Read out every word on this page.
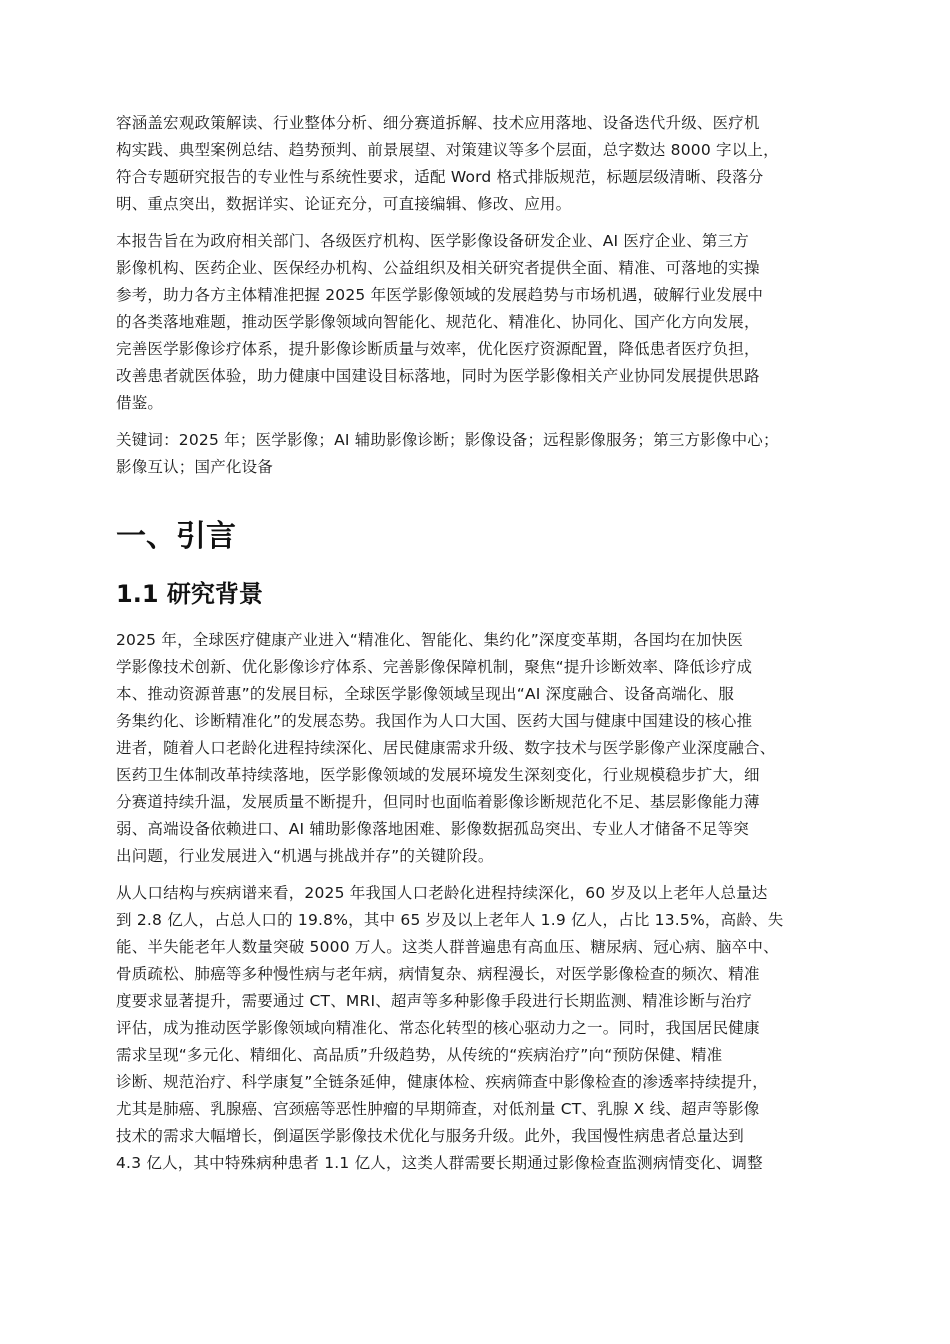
容涵盖宏观政策解读、行业整体分析、细分赛道拆解、技术应用落地、设备迭代升级、医疗机
构实践、典型案例总结、趋势预判、前景展望、对策建议等多个层面，总字数达 8000 字以上，
符合专题研究报告的专业性与系统性要求，适配 Word 格式排版规范，标题层级清晰、段落分
明、重点突出，数据详实、论证充分，可直接编辑、修改、应用。
本报告旨在为政府相关部门、各级医疗机构、医学影像设备研发企业、AI 医疗企业、第三方
影像机构、医药企业、医保经办机构、公益组织及相关研究者提供全面、精准、可落地的实操
参考，助力各方主体精准把握 2025 年医学影像领域的发展趋势与市场机遇，破解行业发展中
的各类落地难题，推动医学影像领域向智能化、规范化、精准化、协同化、国产化方向发展，
完善医学影像诊疗体系，提升影像诊断质量与效率，优化医疗资源配置，降低患者医疗负担，
改善患者就医体验，助力健康中国建设目标落地，同时为医学影像相关产业协同发展提供思路
借鉴。
关键词：2025 年；医学影像；AI 辅助影像诊断；影像设备；远程影像服务；第三方影像中心；
影像互认；国产化设备
一、引言
1.1 研究背景
2025 年，全球医疗健康产业进入“精准化、智能化、集约化”深度变革期，各国均在加快医
学影像技术创新、优化影像诊疗体系、完善影像保障机制，聚焦“提升诊断效率、降低诊疗成
本、推动资源普惠”的发展目标，全球医学影像领域呈现出“AI 深度融合、设备高端化、服
务集约化、诊断精准化”的发展态势。我国作为人口大国、医药大国与健康中国建设的核心推
进者，随着人口老龄化进程持续深化、居民健康需求升级、数字技术与医学影像产业深度融合、
医药卫生体制改革持续落地，医学影像领域的发展环境发生深刻变化，行业规模稳步扩大，细
分赛道持续升温，发展质量不断提升，但同时也面临着影像诊断规范化不足、基层影像能力薄
弱、高端设备依赖进口、AI 辅助影像落地困难、影像数据孤岛突出、专业人才储备不足等突
出问题，行业发展进入“机遇与挑战并存”的关键阶段。
从人口结构与疾病谱来看，2025 年我国人口老龄化进程持续深化，60 岁及以上老年人总量达
到 2.8 亿人，占总人口的 19.8%，其中 65 岁及以上老年人 1.9 亿人，占比 13.5%，高龄、失
能、半失能老年人数量突破 5000 万人。这类人群普遍患有高血压、糖尿病、冠心病、脑卒中、
骨质疏松、肺癌等多种慢性病与老年病，病情复杂、病程漫长，对医学影像检查的频次、精准
度要求显著提升，需要通过 CT、MRI、超声等多种影像手段进行长期监测、精准诊断与治疗
评估，成为推动医学影像领域向精准化、常态化转型的核心驱动力之一。同时，我国居民健康
需求呈现“多元化、精细化、高品质”升级趋势，从传统的“疾病治疗”向“预防保健、精准
诊断、规范治疗、科学康复”全链条延伸，健康体检、疾病筛查中影像检查的渗透率持续提升，
尤其是肺癌、乳腺癌、宫颈癌等恶性肿瘤的早期筛查，对低剂量 CT、乳腺 X 线、超声等影像
技术的需求大幅增长，倒逼医学影像技术优化与服务升级。此外，我国慢性病患者总量达到
4.3 亿人，其中特殊病种患者 1.1 亿人，这类人群需要长期通过影像检查监测病情变化、调整
